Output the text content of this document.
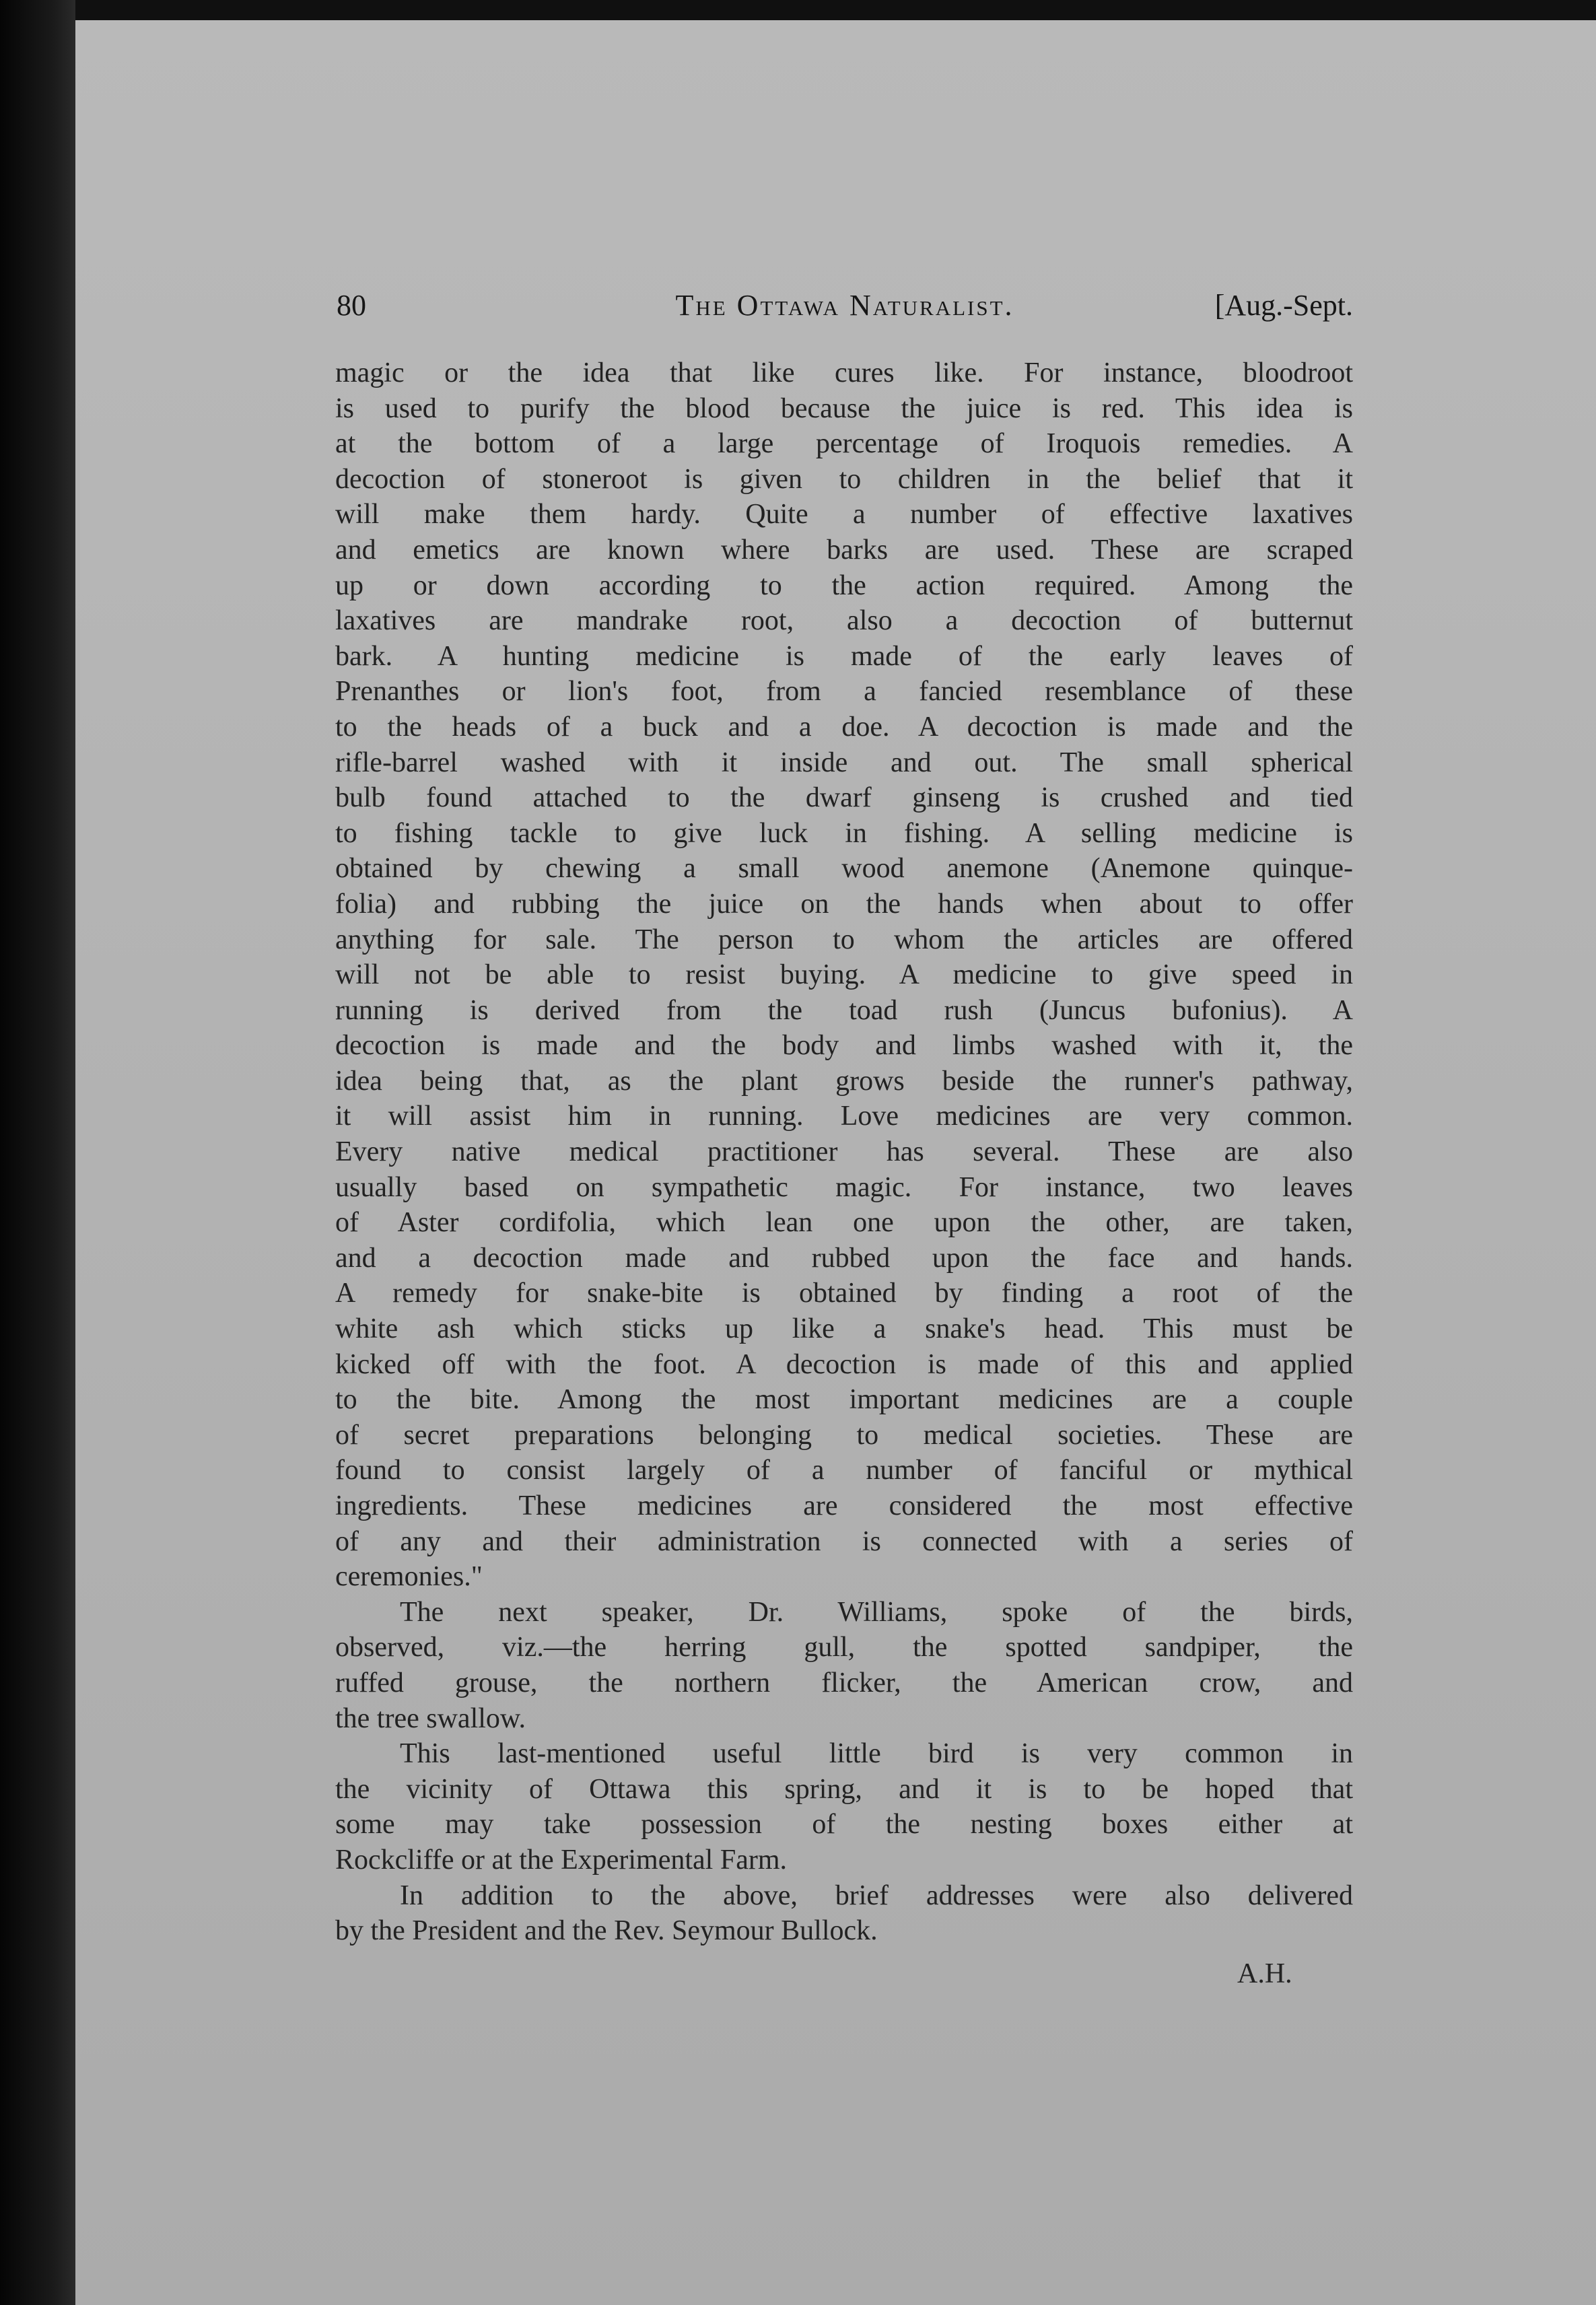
80	The Ottawa Naturalist.	[Aug.-Sept.

magic or the idea that like cures like. For instance, bloodroot
is used to purify the blood because the juice is red. This idea is
at the bottom of a large percentage of Iroquois remedies. A
decoction of stoneroot is given to children in the belief that it
will make them hardy. Quite a number of effective laxatives
and emetics are known where barks are used. These are scraped
up or down according to the action required. Among the
laxatives are mandrake root, also a decoction of butternut
bark. A hunting medicine is made of the early leaves of
Prenanthes or lion's foot, from a fancied resemblance of these
to the heads of a buck and a doe. A decoction is made and the
rifle-barrel washed with it inside and out. The small spherical
bulb found attached to the dwarf ginseng is crushed and tied
to fishing tackle to give luck in fishing. A selling medicine is
obtained by chewing a small wood anemone (Anemone quinque-
folia) and rubbing the juice on the hands when about to offer
anything for sale. The person to whom the articles are offered
will not be able to resist buying. A medicine to give speed in
running is derived from the toad rush (Juncus bufonius). A
decoction is made and the body and limbs washed with it, the
idea being that, as the plant grows beside the runner's pathway,
it will assist him in running. Love medicines are very common.
Every native medical practitioner has several. These are also
usually based on sympathetic magic. For instance, two leaves
of Aster cordifolia, which lean one upon the other, are taken,
and a decoction made and rubbed upon the face and hands.
A remedy for snake-bite is obtained by finding a root of the
white ash which sticks up like a snake's head. This must be
kicked off with the foot. A decoction is made of this and applied
to the bite. Among the most important medicines are a couple
of secret preparations belonging to medical societies. These are
found to consist largely of a number of fanciful or mythical
ingredients. These medicines are considered the most effective
of any and their administration is connected with a series of
ceremonies."

The next speaker, Dr. Williams, spoke of the birds,
observed, viz.—the herring gull, the spotted sandpiper, the
ruffed grouse, the northern flicker, the American crow, and
the tree swallow.

This last-mentioned useful little bird is very common in
the vicinity of Ottawa this spring, and it is to be hoped that
some may take possession of the nesting boxes either at
Rockcliffe or at the Experimental Farm.

In addition to the above, brief addresses were also delivered
by the President and the Rev. Seymour Bullock.

A.H.
